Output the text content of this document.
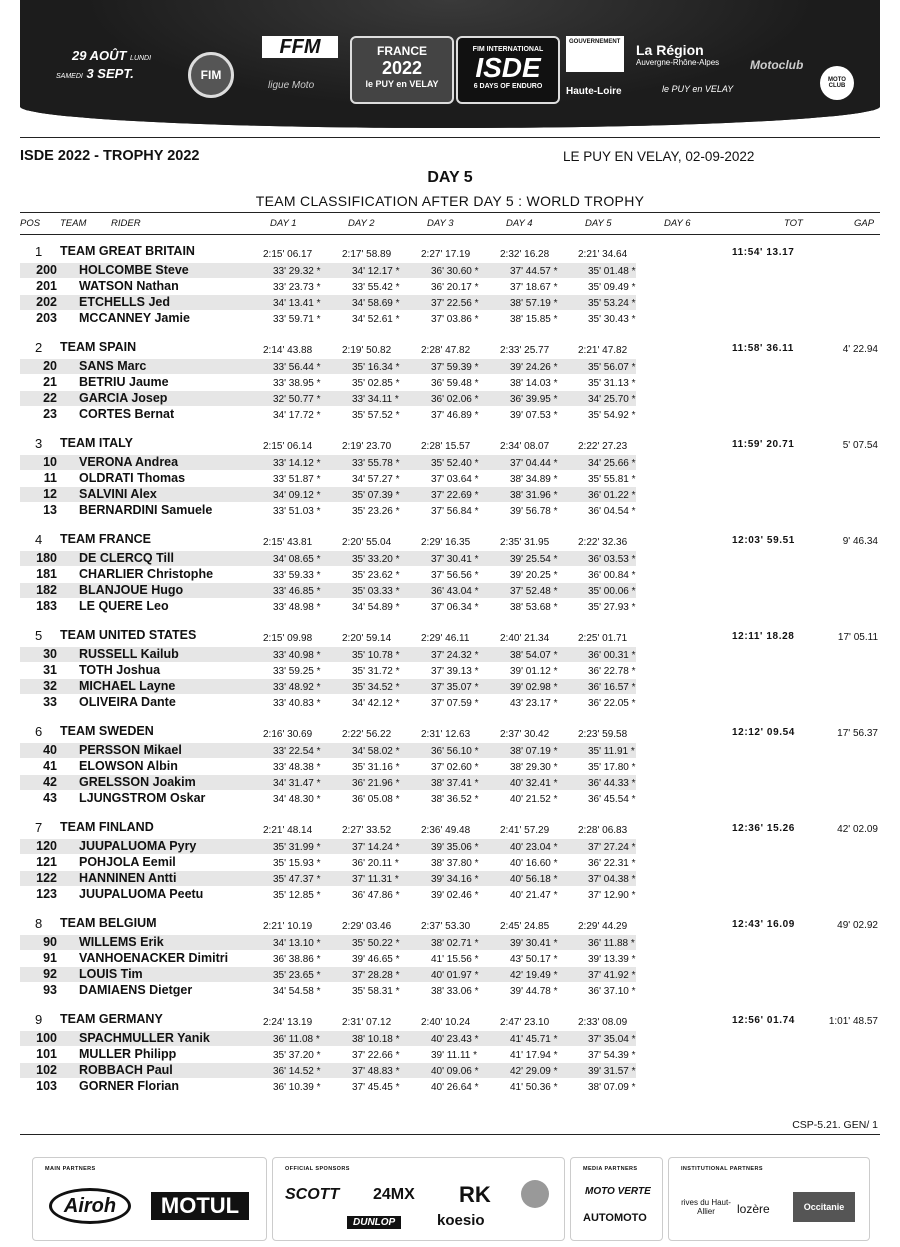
29 AOÛT LUNDI
SAMEDI 3 SEPT.	FIM
FFM
ligue Moto
FRANCE
2022
le PUY en VELAY
FIM INTERNATIONAL
ISDE
6 DAYS OF ENDURO
GOUVERNEMENT La Région
Auvergne-Rhône-Alpes
Haute-Loire	le PUY en VELAY
Motoclub
MOTO CLUB
ISDE 2022 - TROPHY 2022	LE PUY EN VELAY, 02-09-2022
DAY 5
TEAM CLASSIFICATION AFTER DAY 5 : WORLD TROPHY
POS TEAM	RIDER	DAY 1	DAY 2	DAY 3	DAY 4	DAY 5	DAY 6	TOT	GAP
1 TEAM GREAT BRITAIN	2:15' 06.17	2:17' 58.89	2:27' 17.19	2:32' 16.28	2:21' 34.64	11:54' 13.17
200 HOLCOMBE Steve	33' 29.32 *	34' 12.17 *	36' 30.60 *	37' 44.57 *	35' 01.48 *
201 WATSON Nathan	33' 23.73 *	33' 55.42 *	36' 20.17 *	37' 18.67 *	35' 09.49 *
202 ETCHELLS Jed	34' 13.41 *	34' 58.69 *	37' 22.56 *	38' 57.19 *	35' 53.24 *
203 MCCANNEY Jamie	33' 59.71 *	34' 52.61 *	37' 03.86 *	38' 15.85 *	35' 30.43 *
2 TEAM SPAIN	2:14' 43.88	2:19' 50.82	2:28' 47.82	2:33' 25.77	2:21' 47.82	11:58' 36.11	4' 22.94
20 SANS Marc	33' 56.44 *	35' 16.34 *	37' 59.39 *	39' 24.26 *	35' 56.07 *
21 BETRIU Jaume	33' 38.95 *	35' 02.85 *	36' 59.48 *	38' 14.03 *	35' 31.13 *
22 GARCIA Josep	32' 50.77 *	33' 34.11 *	36' 02.06 *	36' 39.95 *	34' 25.70 *
23 CORTES Bernat	34' 17.72 *	35' 57.52 *	37' 46.89 *	39' 07.53 *	35' 54.92 *
3 TEAM ITALY	2:15' 06.14	2:19' 23.70	2:28' 15.57	2:34' 08.07	2:22' 27.23	11:59' 20.71	5' 07.54
10 VERONA Andrea	33' 14.12 *	33' 55.78 *	35' 52.40 *	37' 04.44 *	34' 25.66 *
11 OLDRATI Thomas	33' 51.87 *	34' 57.27 *	37' 03.64 *	38' 34.89 *	35' 55.81 *
12 SALVINI Alex	34' 09.12 *	35' 07.39 *	37' 22.69 *	38' 31.96 *	36' 01.22 *
13 BERNARDINI Samuele	33' 51.03 *	35' 23.26 *	37' 56.84 *	39' 56.78 *	36' 04.54 *
4 TEAM FRANCE	2:15' 43.81	2:20' 55.04	2:29' 16.35	2:35' 31.95	2:22' 32.36	12:03' 59.51	9' 46.34
180 DE CLERCQ Till	34' 08.65 *	35' 33.20 *	37' 30.41 *	39' 25.54 *	36' 03.53 *
181 CHARLIER Christophe	33' 59.33 *	35' 23.62 *	37' 56.56 *	39' 20.25 *	36' 00.84 *
182 BLANJOUE Hugo	33' 46.85 *	35' 03.33 *	36' 43.04 *	37' 52.48 *	35' 00.06 *
183 LE QUERE Leo	33' 48.98 *	34' 54.89 *	37' 06.34 *	38' 53.68 *	35' 27.93 *
5 TEAM UNITED STATES	2:15' 09.98	2:20' 59.14	2:29' 46.11	2:40' 21.34	2:25' 01.71	12:11' 18.28	17' 05.11
30 RUSSELL Kailub	33' 40.98 *	35' 10.78 *	37' 24.32 *	38' 54.07 *	36' 00.31 *
31 TOTH Joshua	33' 59.25 *	35' 31.72 *	37' 39.13 *	39' 01.12 *	36' 22.78 *
32 MICHAEL Layne	33' 48.92 *	35' 34.52 *	37' 35.07 *	39' 02.98 *	36' 16.57 *
33 OLIVEIRA Dante	33' 40.83 *	34' 42.12 *	37' 07.59 *	43' 23.17 *	36' 22.05 *
6 TEAM SWEDEN	2:16' 30.69	2:22' 56.22	2:31' 12.63	2:37' 30.42	2:23' 59.58	12:12' 09.54	17' 56.37
40 PERSSON Mikael	33' 22.54 *	34' 58.02 *	36' 56.10 *	38' 07.19 *	35' 11.91 *
41 ELOWSON Albin	33' 48.38 *	35' 31.16 *	37' 02.60 *	38' 29.30 *	35' 17.80 *
42 GRELSSON Joakim	34' 31.47 *	36' 21.96 *	38' 37.41 *	40' 32.41 *	36' 44.33 *
43 LJUNGSTROM Oskar	34' 48.30 *	36' 05.08 *	38' 36.52 *	40' 21.52 *	36' 45.54 *
7 TEAM FINLAND	2:21' 48.14	2:27' 33.52	2:36' 49.48	2:41' 57.29	2:28' 06.83	12:36' 15.26	42' 02.09
120 JUUPALUOMA Pyry	35' 31.99 *	37' 14.24 *	39' 35.06 *	40' 23.04 *	37' 27.24 *
121 POHJOLA Eemil	35' 15.93 *	36' 20.11 *	38' 37.80 *	40' 16.60 *	36' 22.31 *
122 HANNINEN Antti	35' 47.37 *	37' 11.31 *	39' 34.16 *	40' 56.18 *	37' 04.38 *
123 JUUPALUOMA Peetu	35' 12.85 *	36' 47.86 *	39' 02.46 *	40' 21.47 *	37' 12.90 *
8 TEAM BELGIUM	2:21' 10.19	2:29' 03.46	2:37' 53.30	2:45' 24.85	2:29' 44.29	12:43' 16.09	49' 02.92
90 WILLEMS Erik	34' 13.10 *	35' 50.22 *	38' 02.71 *	39' 30.41 *	36' 11.88 *
91 VANHOENACKER Dimitri	36' 38.86 *	39' 46.65 *	41' 15.56 *	43' 50.17 *	39' 13.39 *
92 LOUIS Tim	35' 23.65 *	37' 28.28 *	40' 01.97 *	42' 19.49 *	37' 41.92 *
93 DAMIAENS Dietger	34' 54.58 *	35' 58.31 *	38' 33.06 *	39' 44.78 *	36' 37.10 *
9 TEAM GERMANY	2:24' 13.19	2:31' 07.12	2:40' 10.24	2:47' 23.10	2:33' 08.09	12:56' 01.74	1:01' 48.57
100 SPACHMULLER Yanik	36' 11.08 *	38' 10.18 *	40' 23.43 *	41' 45.71 *	37' 35.04 *
101 MULLER Philipp	35' 37.20 *	37' 22.66 *	39' 11.11 *	41' 17.94 *	37' 54.39 *
102 ROBBACH Paul	36' 14.52 *	37' 48.83 *	40' 09.06 *	42' 29.09 *	39' 31.57 *
103 GORNER Florian	36' 10.39 *	37' 45.45 *	40' 26.64 *	41' 50.36 *	38' 07.09 *
CSP-5.21. GEN/ 1
MAIN PARTNERS
Airoh	MOTUL
OFFICIAL SPONSORS
SCOTT 24MX RK
DUNLOP	koesio
MEDIA PARTNERS
MOTO VERTE
AUTOMOTO
INSTITUTIONAL PARTNERS
rives du Haut-Allier	lozère	Occitanie
